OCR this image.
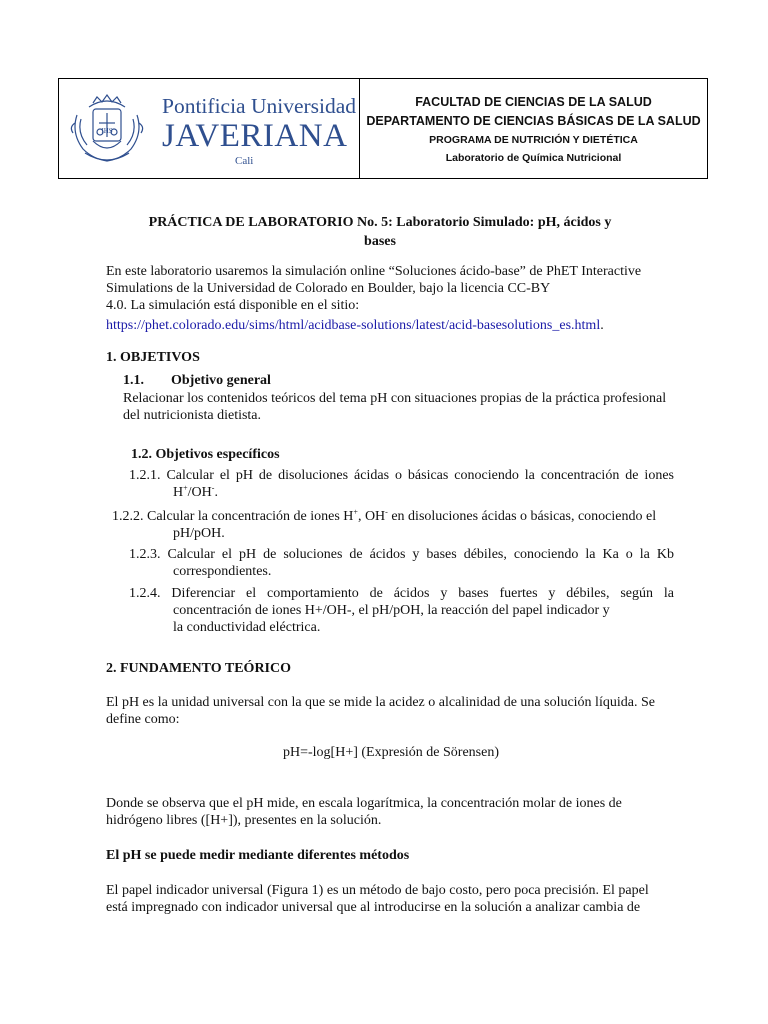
IHS
Pontificia Universidad
JAVERIANA
Cali
FACULTAD DE CIENCIAS DE LA SALUD
DEPARTAMENTO DE CIENCIAS BÁSICAS DE LA SALUD
PROGRAMA DE NUTRICIÓN Y DIETÉTICA
Laboratorio de Química Nutricional
PRÁCTICA DE LABORATORIO No. 5: Laboratorio Simulado: pH, ácidos y
bases
En este laboratorio usaremos la simulación online “Soluciones ácido-base” de PhET Interactive
Simulations de la Universidad de Colorado en Boulder, bajo la licencia CC-BY
4.0. La simulación está disponible en el sitio:
https://phet.colorado.edu/sims/html/acidbase-solutions/latest/acid-basesolutions_es.html.
1. OBJETIVOS
1.1. Objetivo general
Relacionar los contenidos teóricos del tema pH con situaciones propias de la práctica profesional
del nutricionista dietista.
1.2. Objetivos específicos
1.2.1. Calcular el pH de disoluciones ácidas o básicas conociendo la concentración de iones
H+/OH-.
1.2.2. Calcular la concentración de iones H+, OH- en disoluciones ácidas o básicas, conociendo el
pH/pOH.
1.2.3. Calcular el pH de soluciones de ácidos y bases débiles, conociendo la Ka o la Kb
correspondientes.
1.2.4. Diferenciar el comportamiento de ácidos y bases fuertes y débiles, según la
concentración de iones H+/OH-, el pH/pOH, la reacción del papel indicador y
la conductividad eléctrica.
2. FUNDAMENTO TEÓRICO
El pH es la unidad universal con la que se mide la acidez o alcalinidad de una solución líquida. Se
define como:
pH=-log[H+] (Expresión de Sörensen)
Donde se observa que el pH mide, en escala logarítmica, la concentración molar de iones de
hidrógeno libres ([H+]), presentes en la solución.
El pH se puede medir mediante diferentes métodos
El papel indicador universal (Figura 1) es un método de bajo costo, pero poca precisión. El papel
está impregnado con indicador universal que al introducirse en la solución a analizar cambia de
